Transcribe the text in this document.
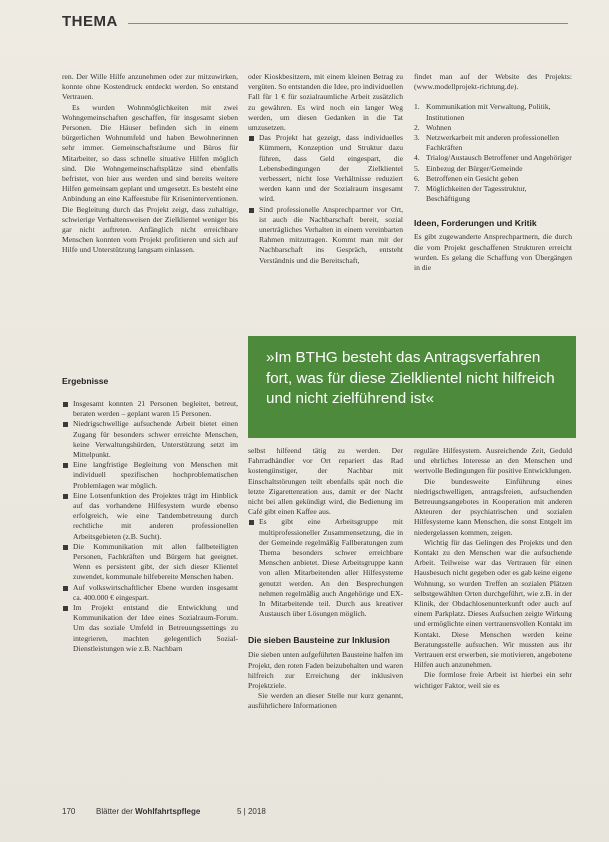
THEMA

ren. Der Wille Hilfe anzunehmen oder zur mitzuwirken, konnte ohne Kostendruck entdeckt werden. So entstand Vertrauen.

Es wurden Wohnmöglichkeiten mit zwei Wohngemeinschaften geschaffen, für insgesamt sieben Personen. Die Häuser befinden sich in einem bürgerlichen Wohnumfeld und haben Bewohnerinnen sehr immer. Gemeinschaftsräume und Büros für Mitarbeiter, so dass schnelle situative Hilfen möglich sind. Die Wohngemeinschaftsplätze sind ebenfalls befristet, von hier aus werden und sind bereits weitere Hilfen gemeinsam geplant und umgesetzt. Es besteht eine Anbindung an eine Kaffeestube für Kriseninterventionen. Die Begleitung durch das Projekt zeigt, dass zuhaltige, schwierige Verhaltensweisen der Zielklientel weniger bis gar nicht auftreten. Anfänglich nicht erreichbare Menschen konnten vom Projekt profitieren und sich auf Hilfe und Unterstützung langsam einlassen.

Ergebnisse
Insgesamt konnten 21 Personen begleitet, betreut, beraten werden – geplant waren 15 Personen.
Niedrigschwellige aufsuchende Arbeit bietet einen Zugang für besonders schwer erreichte Menschen, keine Verwaltungshürden, Unterstützung setzt im Mittelpunkt.
Eine langfristige Begleitung von Menschen mit individuell spezifischen hochproblematischen Problemlagen war möglich.
Eine Lotsenfunktion des Projektes trägt im Hinblick auf das vorhandene Hilfesystem wurde ebenso erfolgreich, wie eine Tandembetreuung durch rechtliche mit anderen professionellen Arbeitsgebieten (z.B. Sucht).
Die Kommunikation mit allen fallbeteiligten Personen, Fachkräften und Bürgern hat geeignet. Wenn es persistent gibt, der sich dieser Klientel zuwendet, kommunale hilfebereite Menschen haben.
Auf volkswirtschaftlicher Ebene wurden insgesamt ca. 400.000 € eingespart.
Im Projekt entstand die Entwicklung und Kommunikation der Idee eines Sozialraum-Forum. Um das soziale Umfeld in Betreuungssettings zu integrieren, machten gelegentlich Sozial-Dienstleistungen wie z.B. Nachbarn

oder Kioskbesitzern, mit einem kleinen Betrag zu vergüten. So entstanden die Idee, pro individuellen Fall für 1 € für sozialraumliche Arbeit zusätzlich zu gewähren. Es wird noch ein langer Weg werden, um diesen Gedanken in die Tat umzusetzen.

Das Projekt hat gezeigt, dass individuelles Kümmern, Konzeption und Struktur dazu führen, dass Geld eingespart, die Lebensbedingungen der Zielklientel verbessert, nicht lose Verhältnisse reduziert werden kann und der Sozialraum insgesamt wird.
Sind professionelle Ansprechpartner vor Ort, ist auch die Nachbarschaft bereit, sozial unerträgliches Verhalten in einem vereinbarten Rahmen mitzutragen. Kommt man mit der Nachbarschaft ins Gespräch, entsteht Verständnis und die Bereitschaft,

findet man auf der Website des Projekts: (www.modellprojekt-richtung.de).

1. Kommunikation mit Verwaltung, Politik, Institutionen
2. Wohnen
3. Netzwerkarbeit mit anderen professionellen Fachkräften
4. Trialog/Austausch Betroffener und Angehöriger
5. Einbezug der Bürger/Gemeinde
6. Betroffenen ein Gesicht geben
7. Möglichkeiten der Tagesstruktur, Beschäftigung
Ideen, Forderungen und Kritik

Es gibt zugewanderte Ansprechpartnern, die durch die vom Projekt geschaffenen Strukturen erreicht wurden. Es gelang die Schaffung von Übergängen in die

»Im BTHG besteht das Antragsverfahren fort, was für diese Zielklientel nicht hilfreich und nicht zielführend ist«

selbst hilfeend tätig zu werden. Der Fahrradhändler vor Ort repariert das Rad kostengünstiger, der Nachbar mit Einschaltstörungen teilt ebenfalls spät noch die letzte Zigarettenration aus, damit er der Nacht nicht bei allen gekündigt wird, die Bedienung im Café gibt einen Kaffee aus.

Es gibt eine Arbeitsgruppe mit multiprofessioneller Zusammensetzung, die in der Gemeinde regelmäßig Fallberatungen zum Thema besonders schwer erreichbare Menschen anbietet. Diese Arbeitsgruppe kann von allen Mitarbeitenden aller Hilfesysteme genutzt werden. An den Besprechungen nehmen regelmäßig auch Angehörige und EX-In Mitarbeitende teil. Durch aus kreativer Austausch über Lösungen möglich.
Die sieben Bausteine zur Inklusion

Die sieben unten aufgeführten Bausteine halfen im Projekt, den roten Faden beizubehalten und waren hilfreich zur Erreichung der inklusiven Projektziele.

Sie werden an dieser Stelle nur kurz genannt, ausführlichere Informationen

reguläre Hilfesystem. Ausreichende Zeit, Geduld und ehrliches Interesse an den Menschen und wertvolle Bedingungen für positive Entwicklungen.

Die bundesweite Einführung eines niedrigschwelligen, antragsfreien, aufsuchenden Betreuungsangebotes in Kooperation mit anderen Akteuren der psychiatrischen und sozialen Hilfesysteme kann Menschen, die sonst Entgelt im niedergelassen kommen, zeigen.

Wichtig für das Gelingen des Projekts und den Kontakt zu den Menschen war die aufsuchende Arbeit. Teilweise war das Vertrauen für einen Hausbesuch nicht gegeben oder es gab keine eigene Wohnung, so wurden Treffen an sozialen Plätzen selbstgewählten Orten durchgeführt, wie z.B. in der Klinik, der Obdachlosenunterkunft oder auch auf einem Parkplatz. Dieses Aufsuchen zeigte Wirkung und ermöglichte einen vertrauensvollen Kontakt im Kontakt. Diese Menschen werden keine Beratungsstelle aufsuchen. Wir mussten aus ihr Vertrauen erst erwerben, sie motivieren, angebotene Hilfen auch anzunehmen.

Die formlose freie Arbeit ist hierbei ein sehr wichtiger Faktor, weil sie es

170	Blätter der Wohlfahrtspflege	5 | 2018
